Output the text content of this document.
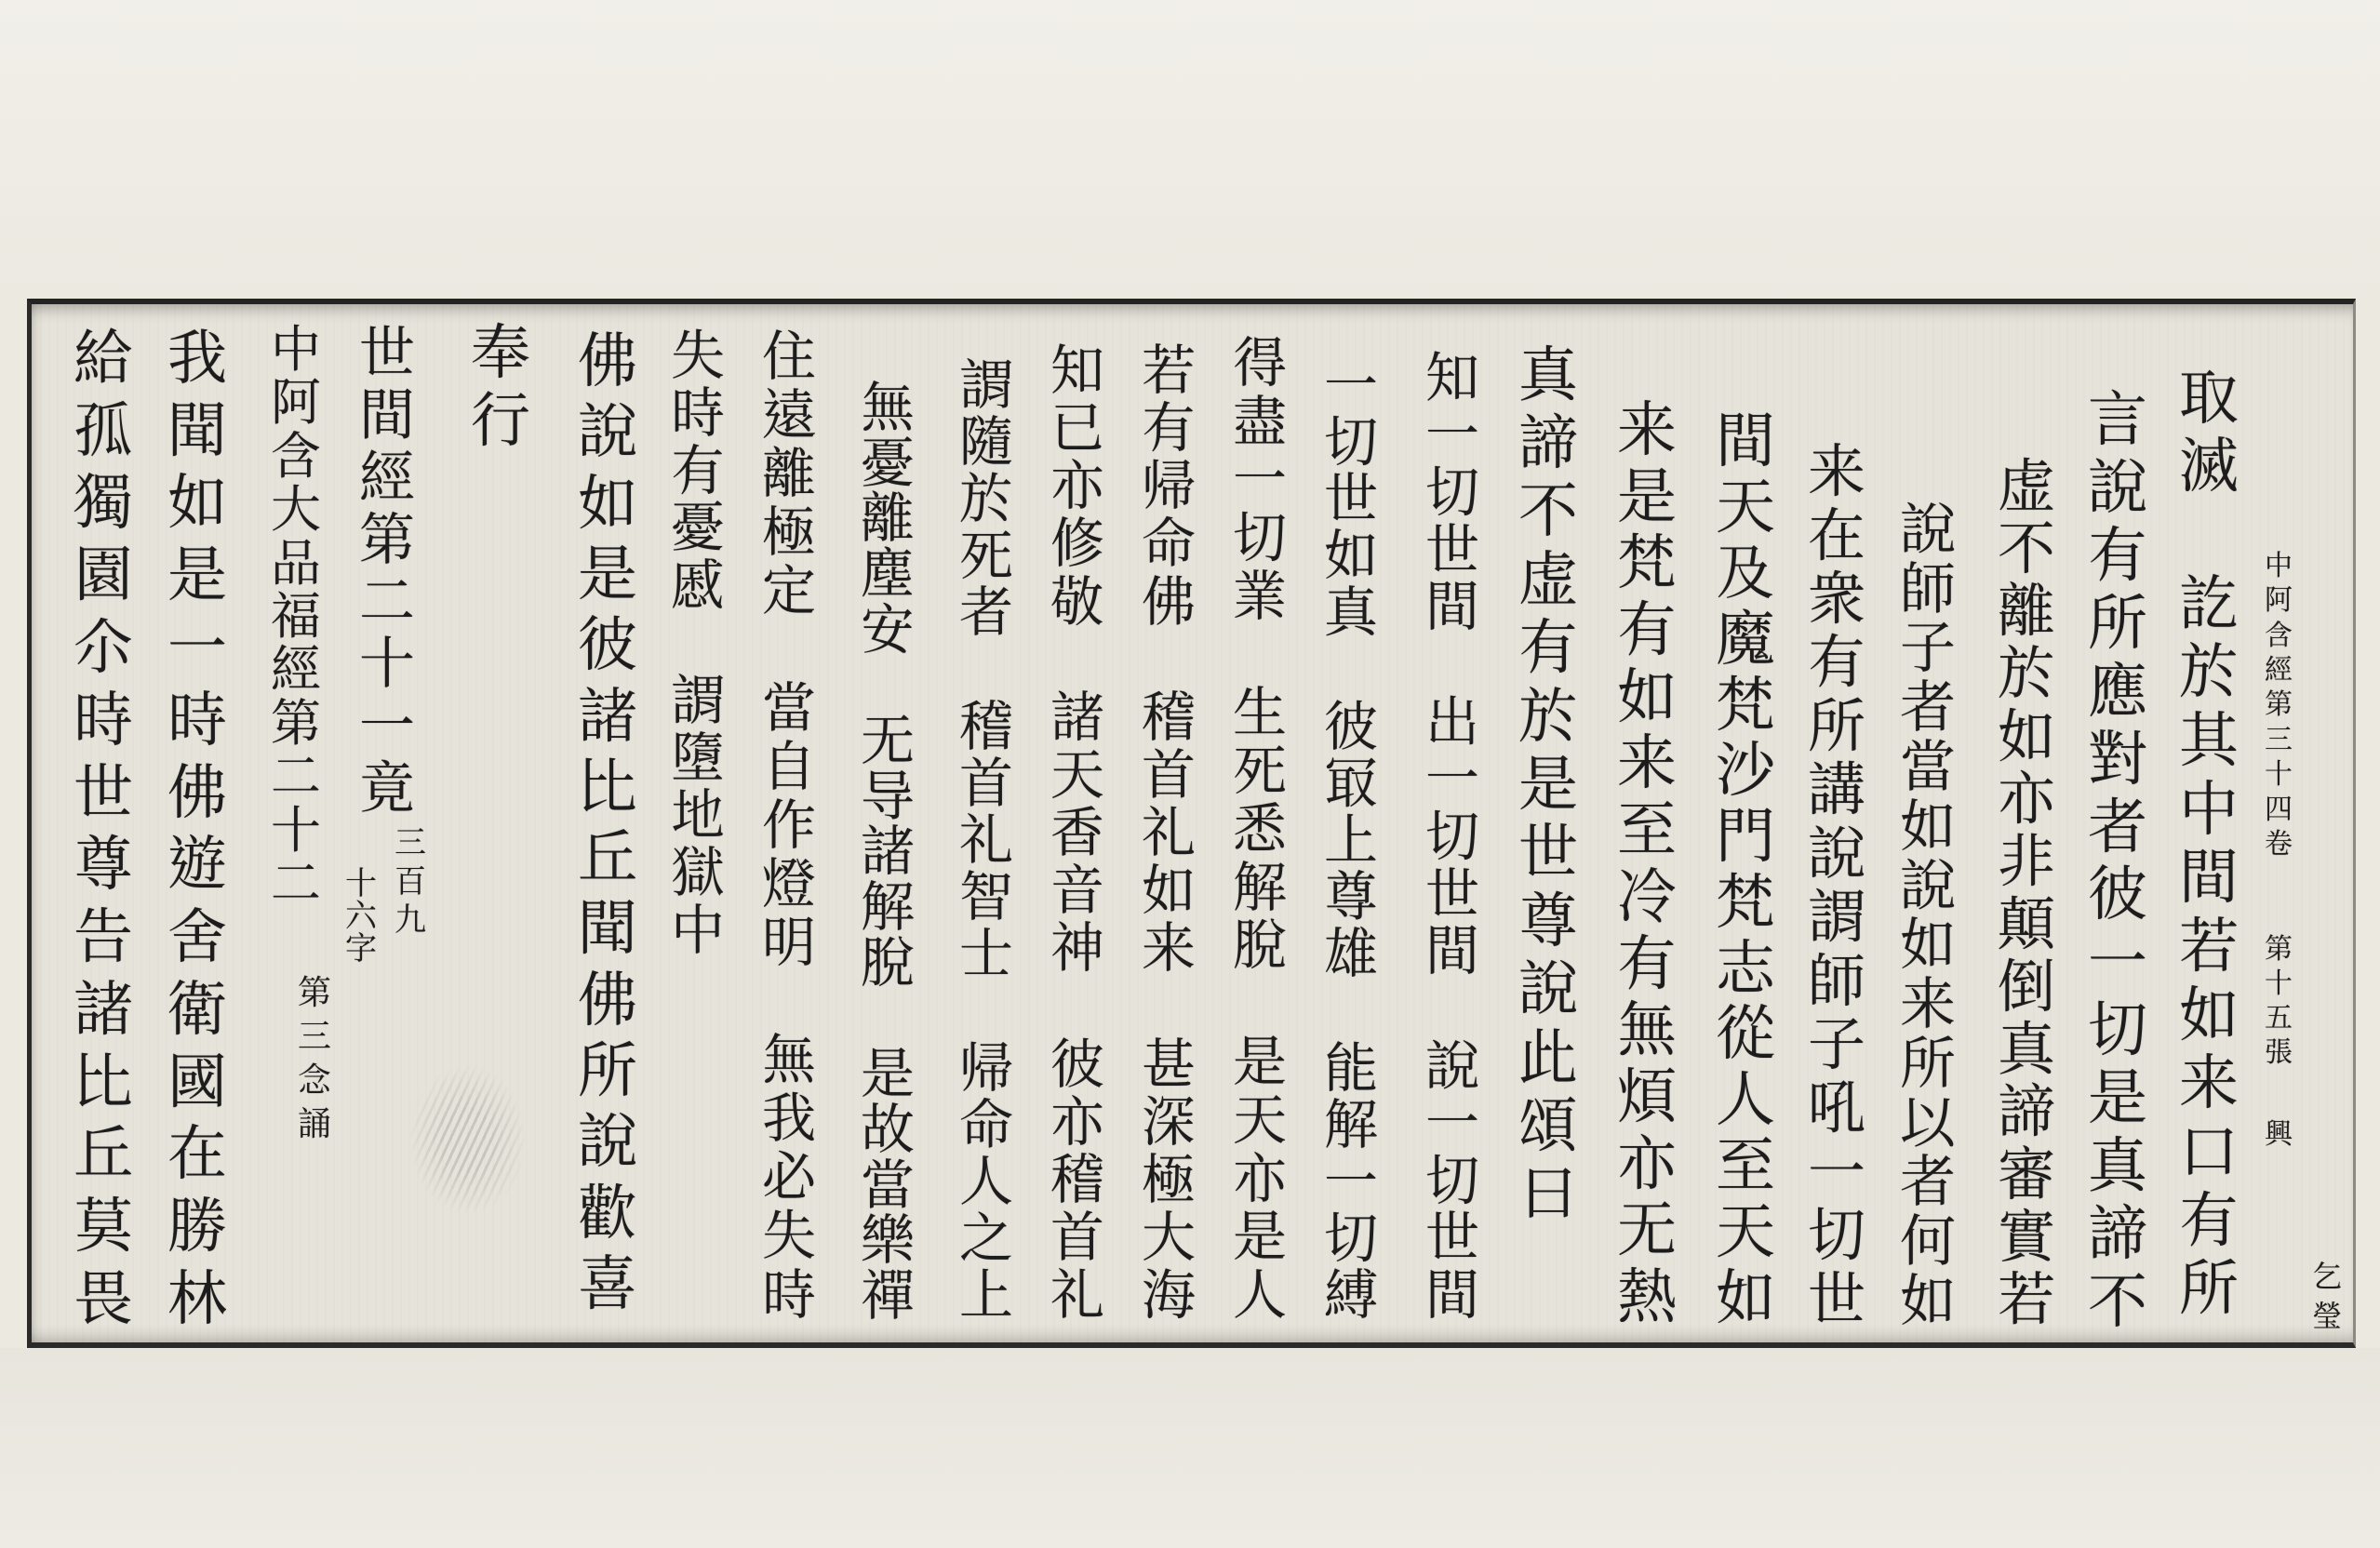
中
阿
含
經
第
三
十
四
卷
第
十
五
張
興
乞
瑩
取
滅

訖
於
其
中
間
若
如
来
口
有
所
言
說
有
所
應
對
者
彼
一
切
是
真
諦
不
虚
不
離
於
如
亦
非
顛
倒
真
諦
審
實
若
說
師
子
者
當
如
說
如
来
所
以
者
何
如
来
在
衆
有
所
講
說
謂
師
子
吼
一
切
世
間
天
及
魔
梵
沙
門
梵
志
從
人
至
天
如
来
是
梵
有
如
来
至
冷
有
無
煩
亦
无
熱
真
諦
不
虚
有
於
是
世
尊
說
此
頌
曰
知
一
切
世
間

出
一
切
世
間

說
一
切
世
間
一
切
世
如
真

彼
冣
上
尊
雄

能
解
一
切
縛
得
盡
一
切
業

生
死
悉
解
脫

是
天
亦
是
人
若
有
帰
命
佛

稽
首
礼
如
来

甚
深
極
大
海
知
已
亦
修
敬

諸
天
香
音
神

彼
亦
稽
首
礼
謂
隨
於
死
者

稽
首
礼
智
士

帰
命
人
之
上
無
憂
離
塵
安

无
导
諸
解
脫

是
故
當
樂
禪
住
遠
離
極
定

當
自
作
燈
明

無
我
必
失
時
失
時
有
憂
慼

謂
墮
地
獄
中
佛
說
如
是
彼
諸
比
丘
聞
佛
所
說
歡
喜
奉
行
世
間
經
第
二
十
一
竟
三
百
九
十
六
字
中
阿
含
大
品
福
經
第
二
十
二
第
三
念
誦
我
聞
如
是
一
時
佛
遊
舍
衛
國
在
勝
林
給
孤
獨
園
尒
時
世
尊
告
諸
比
丘
莫
畏
